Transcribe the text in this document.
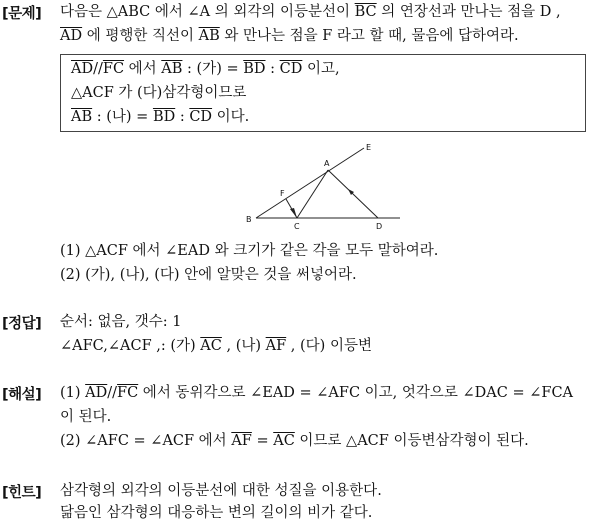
[문제] 다음은 △ABC 에서 ∠A 의 외각의 이등분선이 $\overline{BC}$ 의 연장선과 만나는 점을 D ,
$\overline{AD}$ 에 평행한 직선이 $\overline{AB}$ 와 만나는 점을 F 라고 할 때, 물음에 답하여라.
$\overline{AD}//\overline{FC}$ 에서 $\overline{AB}$ : (가) = $\overline{BD}$ : $\overline{CD}$ 이고,
△ACF 가 (다)삼각형이므로
$\overline{AB}$ : (나) = $\overline{BD}$ : $\overline{CD}$ 이다.
A
B
C	D
E
F
(1) △ACF 에서 ∠EAD 와 크기가 같은 각을 모두 말하여라.
(2) (가), (나), (다) 안에 알맞은 것을 써넣어라.
[정답] 순서: 없음, 갯수: 1
∠AFC,∠ACF ,: (가) $\overline{AC}$ , (나) $\overline{AF}$ , (다) 이등변
[해설] (1) $\overline{AD}//\overline{FC}$ 에서 동위각으로 ∠EAD = ∠AFC 이고, 엇각으로 ∠DAC = ∠FCA
이 된다.
(2) ∠AFC = ∠ACF 에서 $\overline{AF} = \overline{AC}$ 이므로 △ACF 이등변삼각형이 된다.
[힌트] 삼각형의 외각의 이등분선에 대한 성질을 이용한다.
닮음인 삼각형의 대응하는 변의 길이의 비가 같다.
